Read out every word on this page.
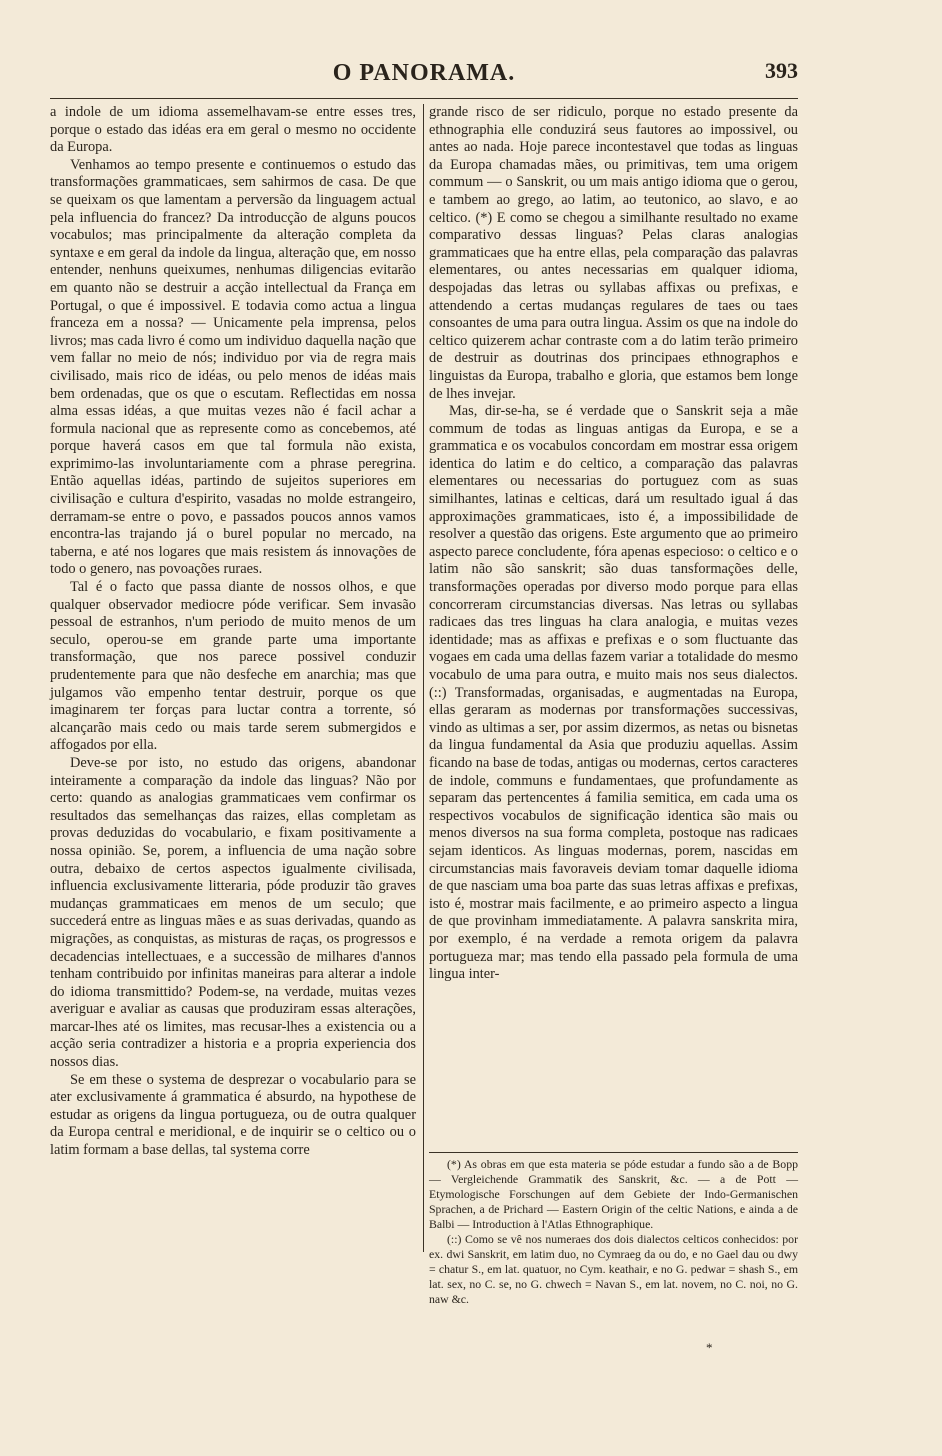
O PANORAMA.	393

a indole de um idioma assemelhavam-se entre esses tres, porque o estado das idéas era em geral o mesmo no occidente da Europa.

Venhamos ao tempo presente e continuemos o estudo das transformações grammaticaes, sem sahirmos de casa. De que se queixam os que lamentam a perversão da linguagem actual pela influencia do francez? Da introducção de alguns poucos vocabulos; mas principalmente da alteração completa da syntaxe e em geral da indole da lingua, alteração que, em nosso entender, nenhuns queixumes, nenhumas diligencias evitarão em quanto não se destruir a acção intellectual da França em Portugal, o que é impossivel. E todavia como actua a lingua franceza em a nossa? — Unicamente pela imprensa, pelos livros; mas cada livro é como um individuo daquella nação que vem fallar no meio de nós; individuo por via de regra mais civilisado, mais rico de idéas, ou pelo menos de idéas mais bem ordenadas, que os que o escutam. Reflectidas em nossa alma essas idéas, a que muitas vezes não é facil achar a formula nacional que as represente como as concebemos, até porque haverá casos em que tal formula não exista, exprimimo-las involuntariamente com a phrase peregrina. Então aquellas idéas, partindo de sujeitos superiores em civilisação e cultura d'espirito, vasadas no molde estrangeiro, derramam-se entre o povo, e passados poucos annos vamos encontra-las trajando já o burel popular no mercado, na taberna, e até nos logares que mais resistem ás innovações de todo o genero, nas povoações ruraes.

Tal é o facto que passa diante de nossos olhos, e que qualquer observador mediocre póde verificar. Sem invasão pessoal de estranhos, n'um periodo de muito menos de um seculo, operou-se em grande parte uma importante transformação, que nos parece possivel conduzir prudentemente para que não desfeche em anarchia; mas que julgamos vão empenho tentar destruir, porque os que imaginarem ter forças para luctar contra a torrente, só alcançarão mais cedo ou mais tarde serem submergidos e affogados por ella.

Deve-se por isto, no estudo das origens, abandonar inteiramente a comparação da indole das linguas? Não por certo: quando as analogias grammaticaes vem confirmar os resultados das semelhanças das raizes, ellas completam as provas deduzidas do vocabulario, e fixam positivamente a nossa opinião. Se, porem, a influencia de uma nação sobre outra, debaixo de certos aspectos igualmente civilisada, influencia exclusivamente litteraria, póde produzir tão graves mudanças grammaticaes em menos de um seculo; que succederá entre as linguas mães e as suas derivadas, quando as migrações, as conquistas, as misturas de raças, os progressos e decadencias intellectuaes, e a successão de milhares d'annos tenham contribuido por infinitas maneiras para alterar a indole do idioma transmittido? Podem-se, na verdade, muitas vezes averiguar e avaliar as causas que produziram essas alterações, marcar-lhes até os limites, mas recusar-lhes a existencia ou a acção seria contradizer a historia e a propria experiencia dos nossos dias.

Se em these o systema de desprezar o vocabulario para se ater exclusivamente á grammatica é absurdo, na hypothese de estudar as origens da lingua portugueza, ou de outra qualquer da Europa central e meridional, e de inquirir se o celtico ou o latim formam a base dellas, tal systema corre

grande risco de ser ridiculo, porque no estado presente da ethnographia elle conduzirá seus fautores ao impossivel, ou antes ao nada. Hoje parece incontestavel que todas as linguas da Europa chamadas mães, ou primitivas, tem uma origem commum — o Sanskrit, ou um mais antigo idioma que o gerou, e tambem ao grego, ao latim, ao teutonico, ao slavo, e ao celtico. (*) E como se chegou a similhante resultado no exame comparativo dessas linguas? Pelas claras analogias grammaticaes que ha entre ellas, pela comparação das palavras elementares, ou antes necessarias em qualquer idioma, despojadas das letras ou syllabas affixas ou prefixas, e attendendo a certas mudanças regulares de taes ou taes consoantes de uma para outra lingua. Assim os que na indole do celtico quizerem achar contraste com a do latim terão primeiro de destruir as doutrinas dos principaes ethnographos e linguistas da Europa, trabalho e gloria, que estamos bem longe de lhes invejar.

Mas, dir-se-ha, se é verdade que o Sanskrit seja a mãe commum de todas as linguas antigas da Europa, e se a grammatica e os vocabulos concordam em mostrar essa origem identica do latim e do celtico, a comparação das palavras elementares ou necessarias do portuguez com as suas similhantes, latinas e celticas, dará um resultado igual á das approximações grammaticaes, isto é, a impossibilidade de resolver a questão das origens. Este argumento que ao primeiro aspecto parece concludente, fóra apenas especioso: o celtico e o latim não são sanskrit; são duas tansformações delle, transformações operadas por diverso modo porque para ellas concorreram circumstancias diversas. Nas letras ou syllabas radicaes das tres linguas ha clara analogia, e muitas vezes identidade; mas as affixas e prefixas e o som fluctuante das vogaes em cada uma dellas fazem variar a totalidade do mesmo vocabulo de uma para outra, e muito mais nos seus dialectos. (::) Transformadas, organisadas, e augmentadas na Europa, ellas geraram as modernas por transformações successivas, vindo as ultimas a ser, por assim dizermos, as netas ou bisnetas da lingua fundamental da Asia que produziu aquellas. Assim ficando na base de todas, antigas ou modernas, certos caracteres de indole, communs e fundamentaes, que profundamente as separam das pertencentes á familia semitica, em cada uma os respectivos vocabulos de significação identica são mais ou menos diversos na sua forma completa, postoque nas radicaes sejam identicos. As linguas modernas, porem, nascidas em circumstancias mais favoraveis deviam tomar daquelle idioma de que nasciam uma boa parte das suas letras affixas e prefixas, isto é, mostrar mais facilmente, e ao primeiro aspecto a lingua de que provinham immediatamente. A palavra sanskrita mira, por exemplo, é na verdade a remota origem da palavra portugueza mar; mas tendo ella passado pela formula de uma lingua inter-

(*) As obras em que esta materia se póde estudar a fundo são a de Bopp — Vergleichende Grammatik des Sanskrit, &c. — a de Pott — Etymologische Forschungen auf dem Gebiete der Indo-Germanischen Sprachen, a de Prichard — Eastern Origin of the celtic Nations, e ainda a de Balbi — Introduction à l'Atlas Ethnographique.

(::) Como se vê nos numeraes dos dois dialectos celticos conhecidos: por ex. dwi Sanskrit, em latim duo, no Cymraeg da ou do, e no Gael dau ou dwy = chatur S., em lat. quatuor, no Cym. keathair, e no G. pedwar = shash S., em lat. sex, no C. se, no G. chwech = Navan S., em lat. novem, no C. noi, no G. naw &c.

*
